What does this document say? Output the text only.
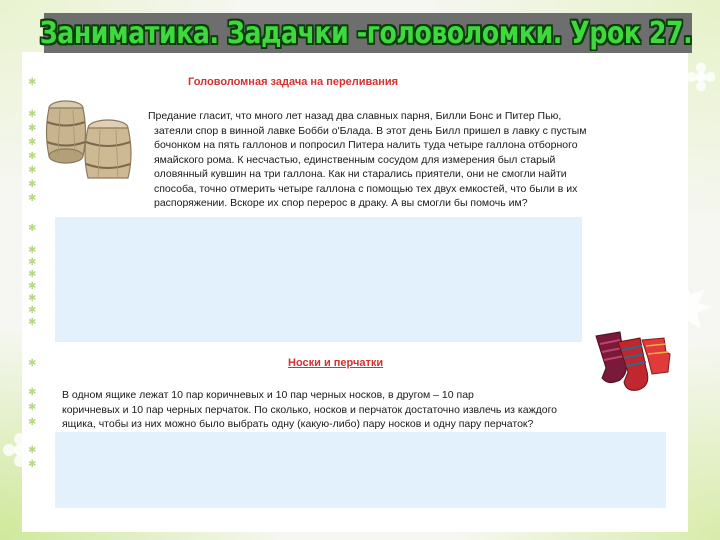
Заниматика. Задачки -головоломки. Урок 27.
✱
✱
✱
✱
✱
✱
✱
✱
✱
✱
✱
✱
✱
✱
✱
✱
✱
✱
✱
✱
✱
✱
Головоломная задача на переливания
Предание гласит, что много лет назад два славных парня, Билли Бонс и Питер Пью,
затеяли спор в винной лавке Бобби о'Блада. В этот день Билл пришел в лавку с пустым
бочонком на пять галлонов и попросил Питера налить туда четыре галлона отборного
ямайского рома. К несчастью, единственным сосудом для измерения был старый
оловянный кувшин на три галлона. Как ни старались приятели, они не смогли найти
способа, точно отмерить четыре галлона с помощью тех двух емкостей, что были в их
распоряжении. Вскоре их спор перерос в драку. А вы смогли бы помочь им?
Носки и перчатки
В одном ящике лежат 10 пар коричневых и 10 пар черных носков, в другом – 10 пар
коричневых и 10 пар черных перчаток. По сколько, носков и перчаток достаточно извлечь из каждого
ящика, чтобы из них можно было выбрать одну (какую-либо) пару носков и одну пару перчаток?
